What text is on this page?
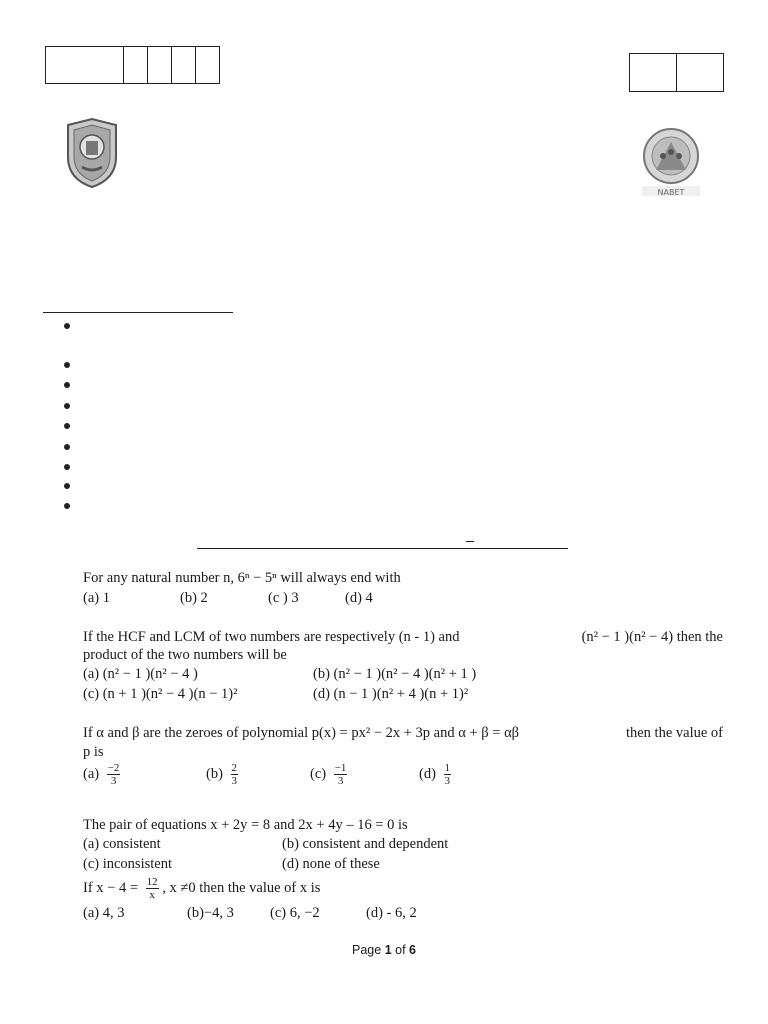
NABET
For any natural number n, 6ⁿ − 5ⁿ will always end with
(a) 1	(b) 2	(c ) 3	(d) 4
If the HCF and LCM of two numbers are respectively (n - 1) and	(n² − 1 )(n² − 4) then the
product of the two numbers will be
(a) (n² − 1 )(n² − 4 )	(b) (n² − 1 )(n² − 4 )(n² + 1 )
(c) (n + 1 )(n² − 4 )(n − 1)²	(d) (n − 1 )(n² + 4 )(n + 1)²
If α and β are the zeroes of polynomial p(x) = px² − 2x + 3p and α + β = αβ	then the value of
p is
$(a) \frac{-2}{3}$	$(b) \frac{2}{3}$	$(c) \frac{-1}{3}$	$(d) \frac{1}{3}$
The pair of equations x + 2y = 8 and 2x + 4y – 16 = 0 is
(a) consistent	(b) consistent and dependent
(c) inconsistent	(d) none of these
If $x - 4 = \frac{12}{x}$ , x ≠0 then the value of x is
(a) 4, 3	(b)−4, 3 (c) 6, −2	(d) - 6, 2
Page 1 of 6
